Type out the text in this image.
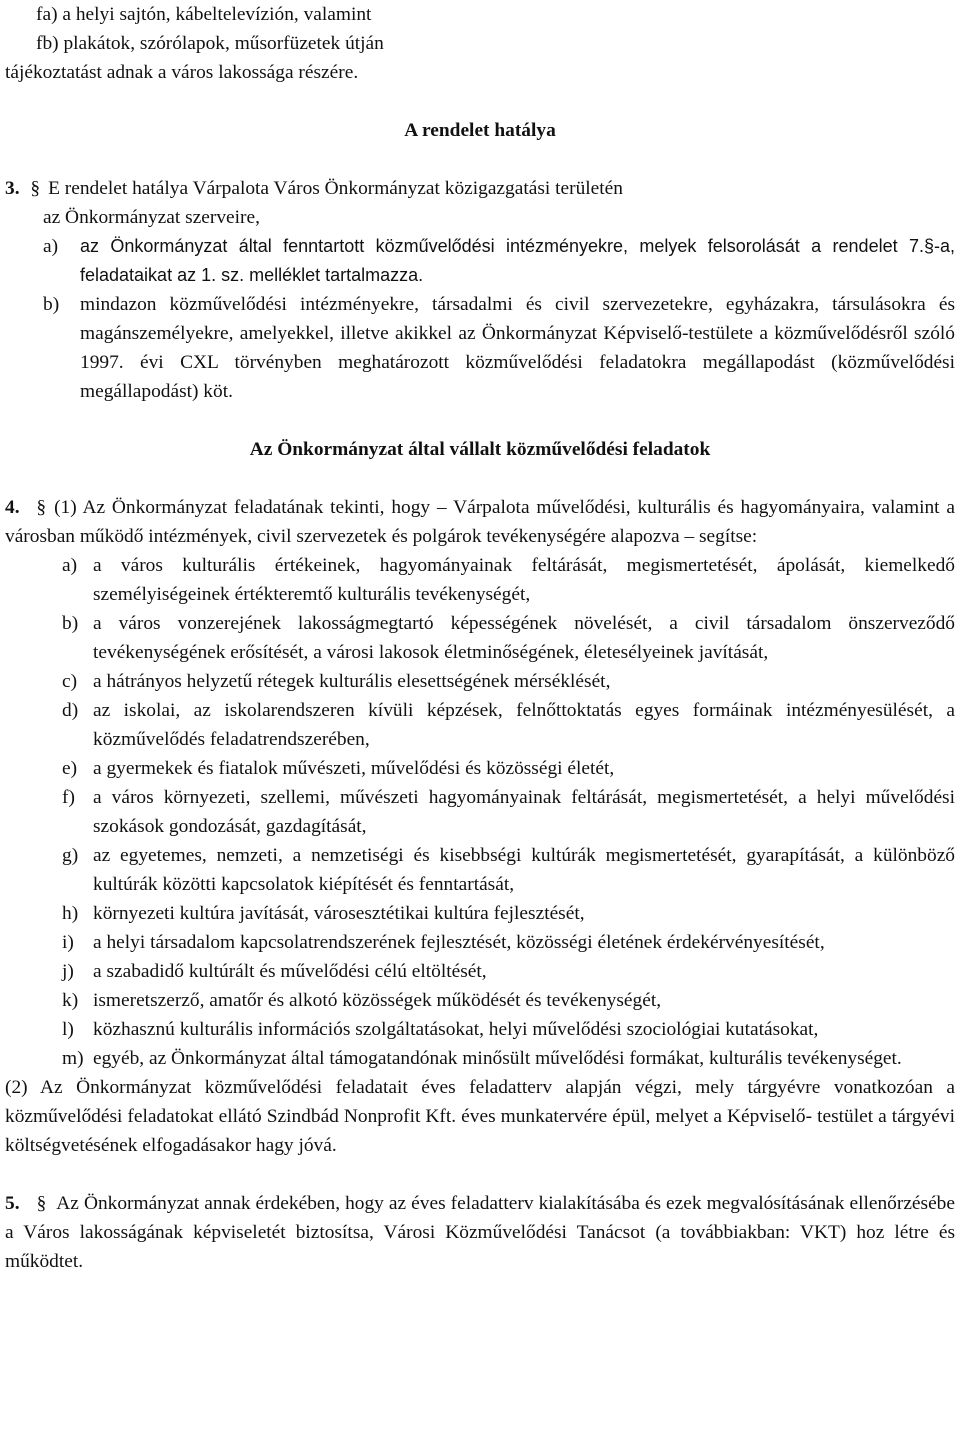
fa) a helyi sajtón, kábeltelevízión, valamint

fb) plakátok, szórólapok, műsorfüzetek útján

tájékoztatást adnak a város lakossága részére.

A rendelet hatálya

3. § E rendelet hatálya Várpalota Város Önkormányzat közigazgatási területén

az Önkormányzat szerveire,

a) az Önkormányzat által fenntartott közművelődési intézményekre, melyek felsorolását a rendelet 7.§-a, feladataikat az 1. sz. melléklet tartalmazza.
b) mindazon közművelődési intézményekre, társadalmi és civil szervezetekre, egyházakra, társulásokra és magánszemélyekre, amelyekkel, illetve akikkel az Önkormányzat Képviselő-testülete a közművelődésről szóló 1997. évi CXL törvényben meghatározott közművelődési feladatokra megállapodást (közművelődési megállapodást) köt.

Az Önkormányzat által vállalt közművelődési feladatok

4. § (1) Az Önkormányzat feladatának tekinti, hogy – Várpalota művelődési, kulturális és hagyományaira, valamint a városban működő intézmények, civil szervezetek és polgárok tevékenységére alapozva – segítse:

a) a város kulturális értékeinek, hagyományainak feltárását, megismertetését, ápolását, kiemelkedő személyiségeinek értékteremtő kulturális tevékenységét,
b) a város vonzerejének lakosságmegtartó képességének növelését, a civil társadalom önszerveződő tevékenységének erősítését, a városi lakosok életminőségének, életesélyeinek javítását,
c) a hátrányos helyzetű rétegek kulturális elesettségének mérséklését,
d) az iskolai, az iskolarendszeren kívüli képzések, felnőttoktatás egyes formáinak intézményesülését, a közművelődés feladatrendszerében,
e) a gyermekek és fiatalok művészeti, művelődési és közösségi életét,
f) a város környezeti, szellemi, művészeti hagyományainak feltárását, megismertetését, a helyi művelődési szokások gondozását, gazdagítását,
g) az egyetemes, nemzeti, a nemzetiségi és kisebbségi kultúrák megismertetését, gyarapítását, a különböző kultúrák közötti kapcsolatok kiépítését és fenntartását,
h) környezeti kultúra javítását, városesztétikai kultúra fejlesztését,
i) a helyi társadalom kapcsolatrendszerének fejlesztését, közösségi életének érdekérvényesítését,
j) a szabadidő kultúrált és művelődési célú eltöltését,
k) ismeretszerző, amatőr és alkotó közösségek működését és tevékenységét,
l) közhasznú kulturális információs szolgáltatásokat, helyi művelődési szociológiai kutatásokat,
m) egyéb, az Önkormányzat által támogatandónak minősült művelődési formákat, kulturális tevékenységet.

(2) Az Önkormányzat közművelődési feladatait éves feladatterv alapján végzi, mely tárgyévre vonatkozóan a közművelődési feladatokat ellátó Szindbád Nonprofit Kft. éves munkatervére épül, melyet a Képviselő- testület a tárgyévi költségvetésének elfogadásakor hagy jóvá.

5. § Az Önkormányzat annak érdekében, hogy az éves feladatterv kialakításába és ezek megvalósításának ellenőrzésébe a Város lakosságának képviseletét biztosítsa, Városi Közművelődési Tanácsot (a továbbiakban: VKT) hoz létre és működtet.
